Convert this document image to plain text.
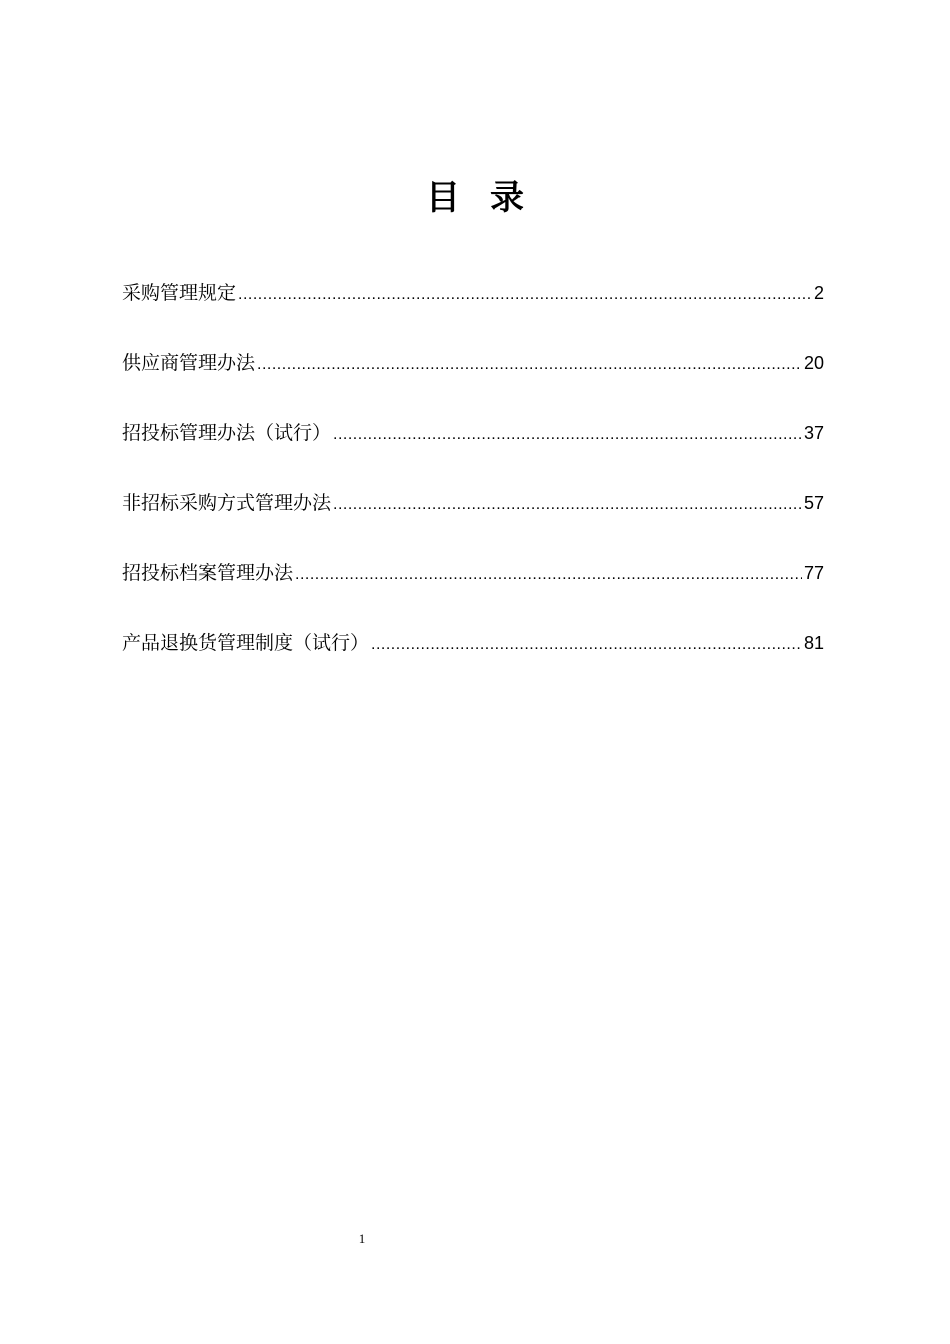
目录
采购管理规定 .....	2
供应商管理办法 .....	20
招投标管理办法（试行） .....	37
非招标采购方式管理办法 .....	57
招投标档案管理办法 .....	77
产品退换货管理制度（试行） .....	81
1
